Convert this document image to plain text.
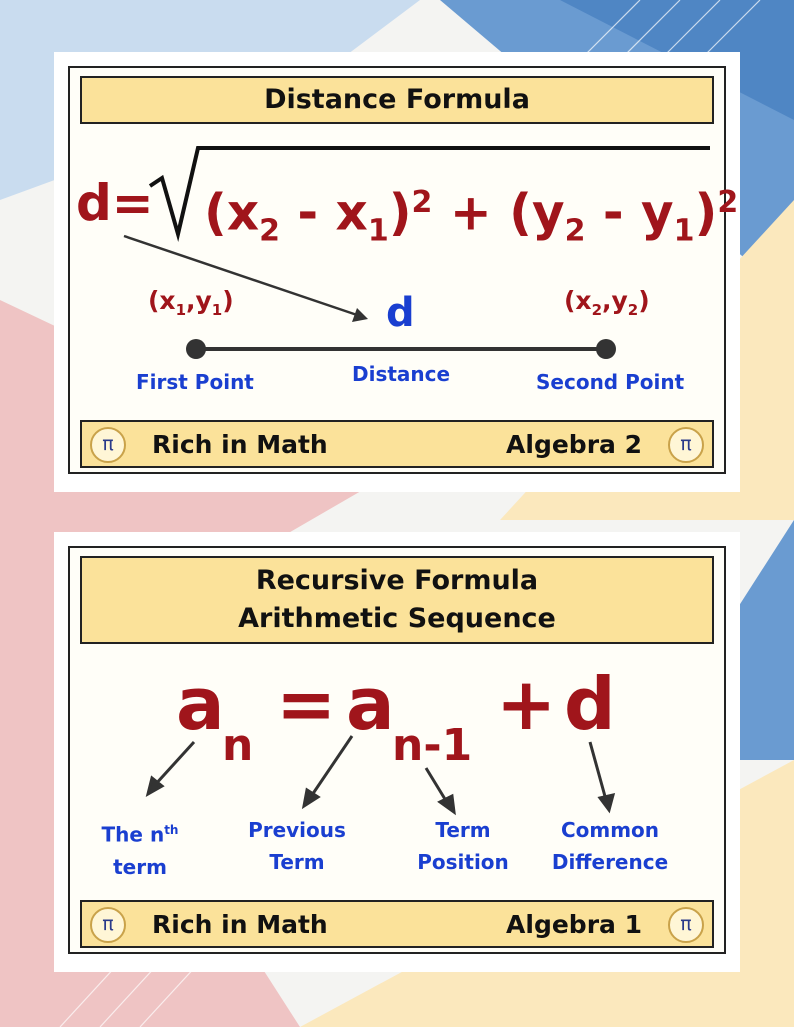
Distance Formula
$d= (x_2 - x_1)^2 + (y_2 - y_1)^2$
$(x_1,y_1)$	$(x_2,y_2)$
d
First Point	Distance	Second Point
π	Rich in Math	Algebra 2	π
Recursive Formula
Arithmetic Sequence
a
n = a
n-1 + d
The $n^{th}$
term
Previous
Term
Term
Position
Common
Difference
π	Rich in Math	Algebra 1	π
